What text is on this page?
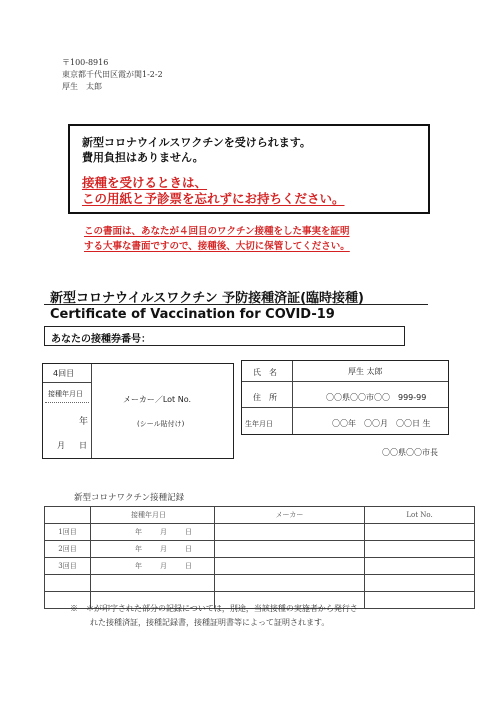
〒100-8916
東京都千代田区霞が関1-2-2
厚生　太郎
新型コロナウイルスワクチンを受けられます。
費用負担はありません。
接種を受けるときは、
この用紙と予診票を忘れずにお持ちください。
この書面は、あなたが４回目のワクチン接種をした事実を証明
する大事な書面ですので、接種後、大切に保管してください。
新型コロナウイルスワクチン 予防接種済証(臨時接種)
Certificate of Vaccination for COVID-19
あなたの接種券番号：
4回目
接種年月日
年
月 日
メーカー／Lot No.
(シール貼付け)
氏　名	厚生 太郎
住　所	〇〇県〇〇市〇〇　999-99
生年月日	〇〇年　〇〇月　〇〇日 生
〇〇県〇〇市長
新型コロナワクチン接種記録
	接種年月日	メーカー	Lot No.
1回目	年 月 日		
2回目	年 月 日		
3回目	年 月 日		

※　＊が印字された部分の記録については，別途，当該接種の実施者から発行さ
れた接種済証，接種記録書，接種証明書等によって証明されます。
